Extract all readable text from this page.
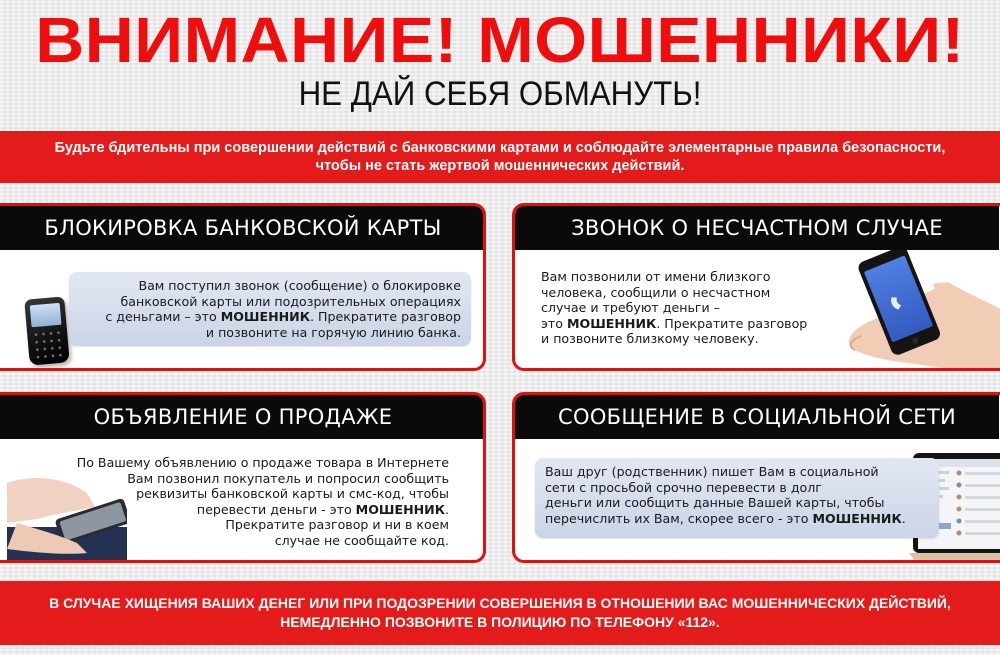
ВНИМАНИЕ! МОШЕННИКИ!
НЕ ДАЙ СЕБЯ ОБМАНУТЬ!
Будьте бдительны при совершении действий с банковскими картами и соблюдайте элементарные правила безопасности,
чтобы не стать жертвой мошеннических действий.
БЛОКИРОВКА БАНКОВСКОЙ КАРТЫ
Вам поступил звонок (сообщение) о блокировке
банковской карты или подозрительных операциях
с деньгами – это МОШЕННИК. Прекратите разговор
и позвоните на горячую линию банка.
ЗВОНОК О НЕСЧАСТНОМ СЛУЧАЕ
Вам позвонили от имени близкого
человека, сообщили о несчастном
случае и требуют деньги –
это МОШЕННИК. Прекратите разговор
и позвоните близкому человеку.
ОБЪЯВЛЕНИЕ О ПРОДАЖЕ
По Вашему объявлению о продаже товара в Интернете
Вам позвонил покупатель и попросил сообщить
реквизиты банковской карты и смс-код, чтобы
перевести деньги - это МОШЕННИК.
Прекратите разговор и ни в коем
случае не сообщайте код.
СООБЩЕНИЕ В СОЦИАЛЬНОЙ СЕТИ
Ваш друг (родственник) пишет Вам в социальной
сети с просьбой срочно перевести в долг
деньги или сообщить данные Вашей карты, чтобы
перечислить их Вам, скорее всего - это МОШЕННИК.
В СЛУЧАЕ ХИЩЕНИЯ ВАШИХ ДЕНЕГ ИЛИ ПРИ ПОДОЗРЕНИИ СОВЕРШЕНИЯ В ОТНОШЕНИИ ВАС МОШЕННИЧЕСКИХ ДЕЙСТВИЙ,
НЕМЕДЛЕННО ПОЗВОНИТЕ В ПОЛИЦИЮ ПО ТЕЛЕФОНУ «112».
